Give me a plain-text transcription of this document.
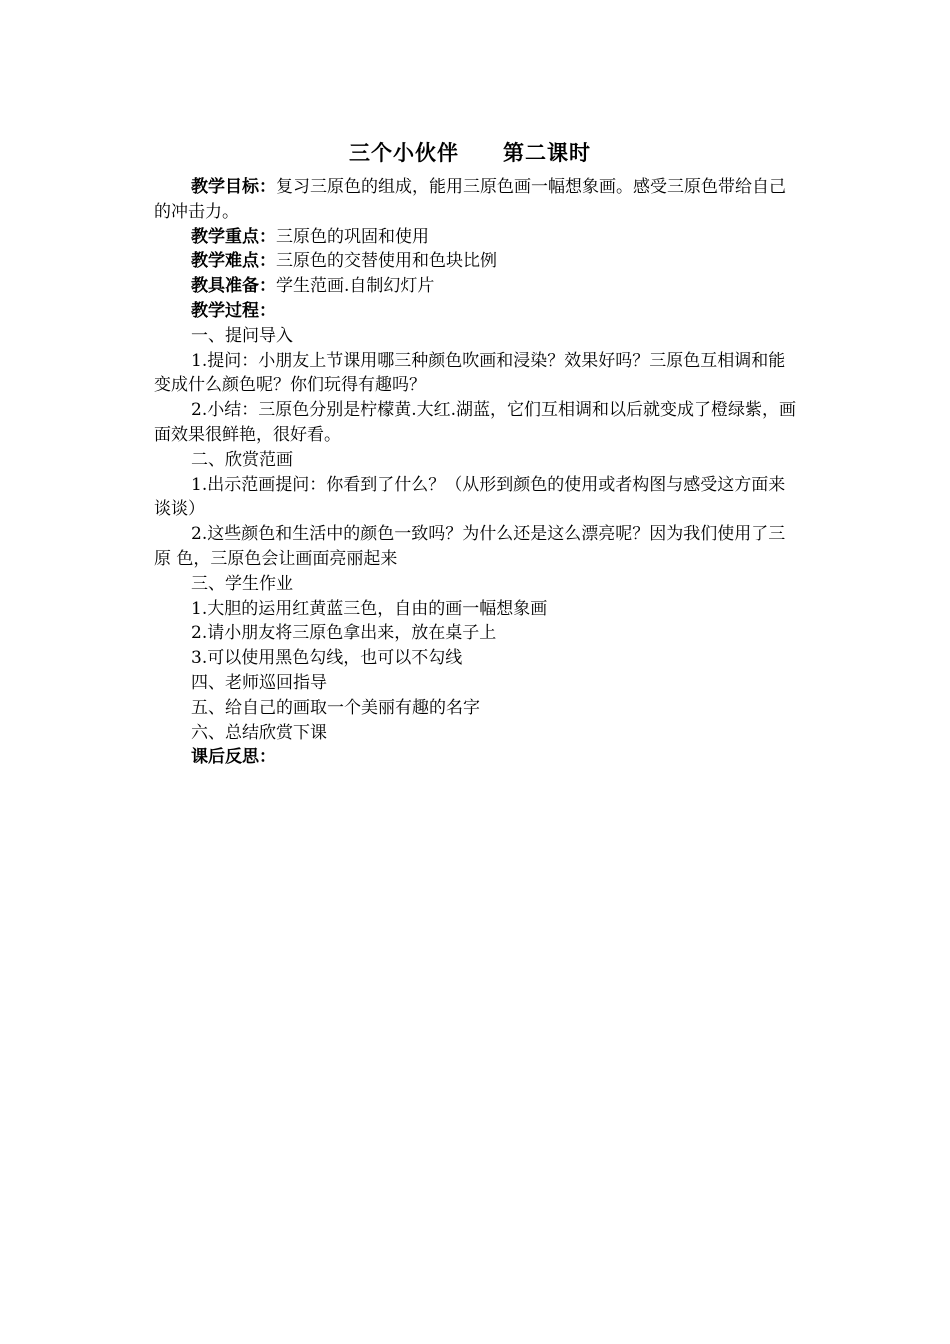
三个小伙伴　　第二课时

教学目标：复习三原色的组成，能用三原色画一幅想象画。感受三原色带给自己的冲击力。

教学重点：三原色的巩固和使用

教学难点：三原色的交替使用和色块比例

教具准备：学生范画.自制幻灯片

教学过程：

一、提问导入

1.提问：小朋友上节课用哪三种颜色吹画和浸染？效果好吗？三原色互相调和能变成什么颜色呢？你们玩得有趣吗？

2.小结：三原色分别是柠檬黄.大红.湖蓝，它们互相调和以后就变成了橙绿紫，画面效果很鲜艳，很好看。

二、欣赏范画

1.出示范画提问：你看到了什么？（从形到颜色的使用或者构图与感受这方面来谈谈）

2.这些颜色和生活中的颜色一致吗？为什么还是这么漂亮呢？因为我们使用了三原 色，三原色会让画面亮丽起来

三、学生作业

1.大胆的运用红黄蓝三色，自由的画一幅想象画

2.请小朋友将三原色拿出来，放在桌子上

3.可以使用黑色勾线，也可以不勾线

四、老师巡回指导

五、给自己的画取一个美丽有趣的名字

六、总结欣赏下课

课后反思：
